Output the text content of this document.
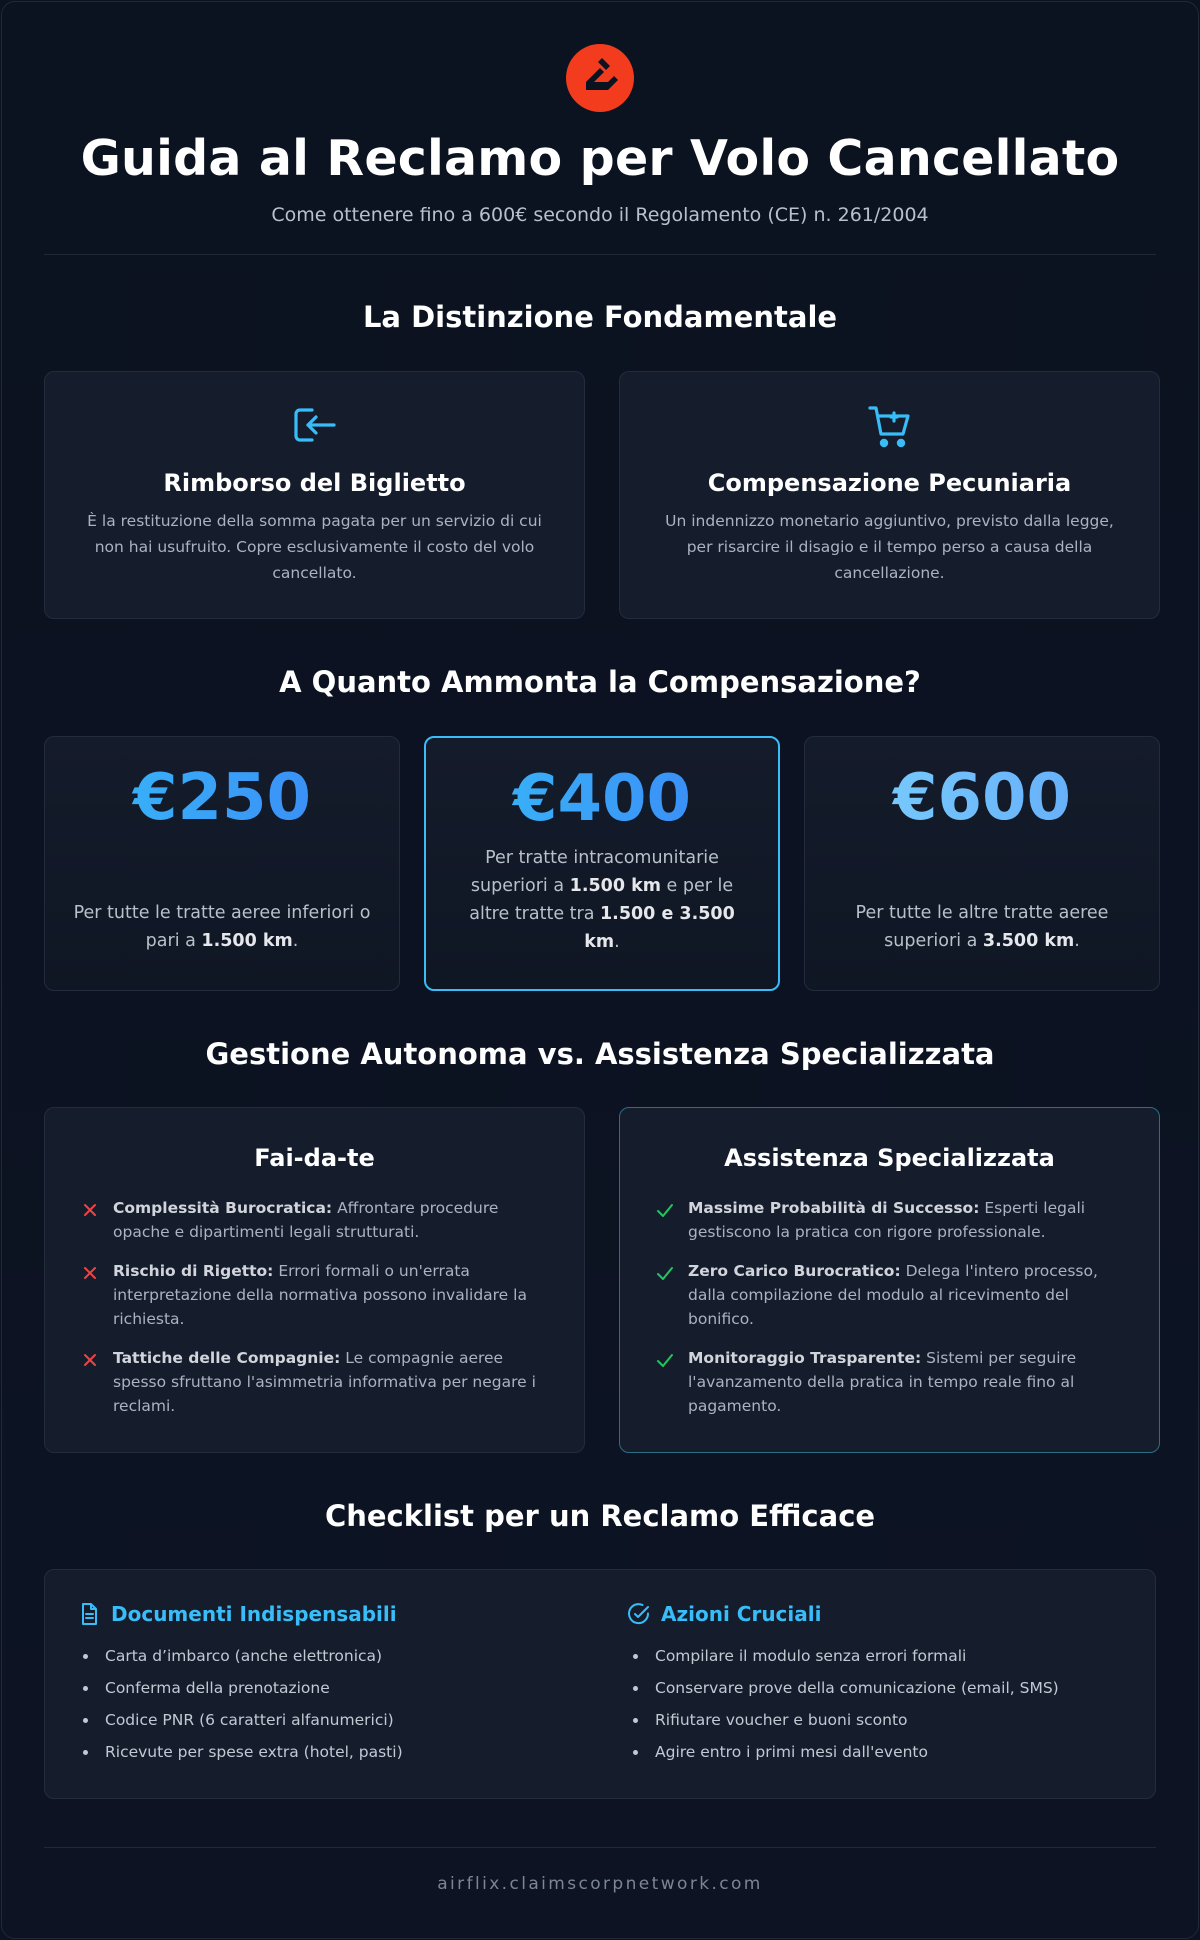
Guida al Reclamo per Volo Cancellato

Come ottenere fino a 600€ secondo il Regolamento (CE) n. 261/2004

La Distinzione Fondamentale
Rimborso del Biglietto

È la restituzione della somma pagata per un servizio di cui non hai usufruito. Copre esclusivamente il costo del volo cancellato.

Compensazione Pecuniaria

Un indennizzo monetario aggiuntivo, previsto dalla legge, per risarcire il disagio e il tempo perso a causa della cancellazione.

A Quanto Ammonta la Compensazione?
€250

Per tutte le tratte aeree inferiori o pari a 1.500 km.

€400

Per tratte intracomunitarie superiori a 1.500 km e per le altre tratte tra 1.500 e 3.500 km.

€600

Per tutte le altre tratte aeree superiori a 3.500 km.

Gestione Autonoma vs. Assistenza Specializzata
Fai-da-te
Complessità Burocratica: Affrontare procedure opache e dipartimenti legali strutturati.
Rischio di Rigetto: Errori formali o un'errata interpretazione della normativa possono invalidare la richiesta.
Tattiche delle Compagnie: Le compagnie aeree spesso sfruttano l'asimmetria informativa per negare i reclami.
Assistenza Specializzata
Massime Probabilità di Successo: Esperti legali gestiscono la pratica con rigore professionale.
Zero Carico Burocratico: Delega l'intero processo, dalla compilazione del modulo al ricevimento del bonifico.
Monitoraggio Trasparente: Sistemi per seguire l'avanzamento della pratica in tempo reale fino al pagamento.
Checklist per un Reclamo Efficace
Documenti Indispensabili
Carta d’imbarco (anche elettronica)
Conferma della prenotazione
Codice PNR (6 caratteri alfanumerici)
Ricevute per spese extra (hotel, pasti)
Azioni Cruciali
Compilare il modulo senza errori formali
Conservare prove della comunicazione (email, SMS)
Rifiutare voucher e buoni sconto
Agire entro i primi mesi dall'evento
airflix.claimscorpnetwork.com
